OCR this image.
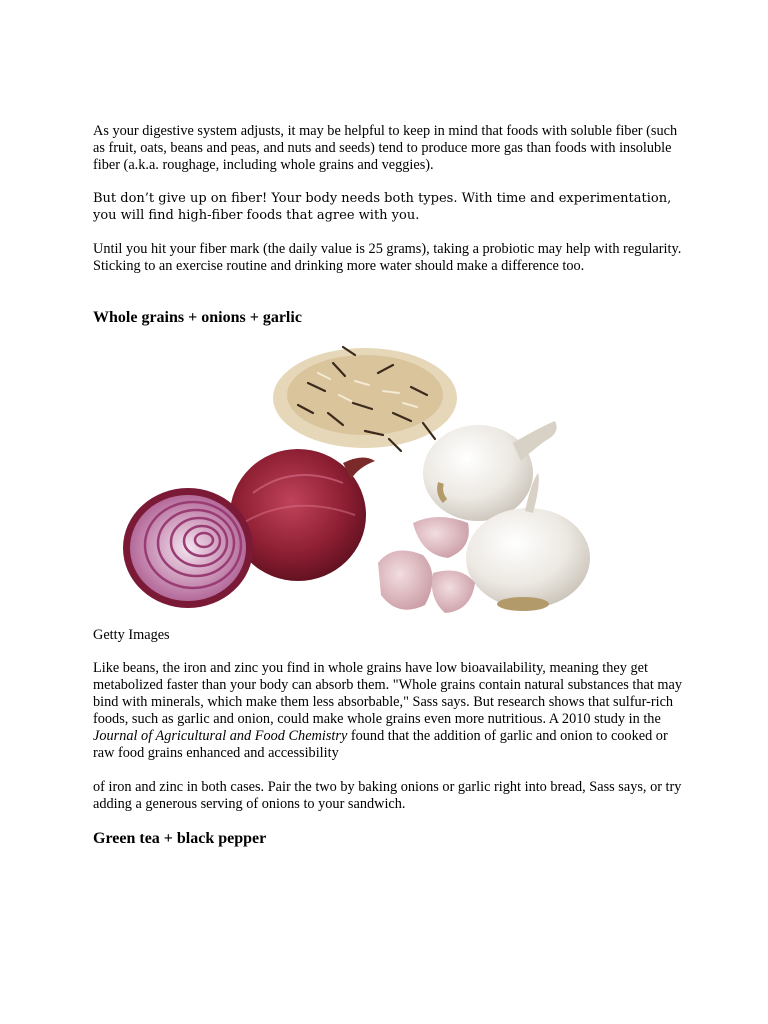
As your digestive system adjusts, it may be helpful to keep in mind that foods with soluble fiber (such as fruit, oats, beans and peas, and nuts and seeds) tend to produce more gas than foods with insoluble fiber (a.k.a. roughage, including whole grains and veggies).

But don’t give up on fiber! Your body needs both types. With time and experimentation, you will find high-fiber foods that agree with you.

Until you hit your fiber mark (the daily value is 25 grams), taking a probiotic may help with regularity. Sticking to an exercise routine and drinking more water should make a difference too.

Whole grains + onions + garlic

Getty Images

Like beans, the iron and zinc you find in whole grains have low bioavailability, meaning they get metabolized faster than your body can absorb them. "Whole grains contain natural substances that may bind with minerals, which make them less absorbable," Sass says. But research shows that sulfur-rich foods, such as garlic and onion, could make whole grains even more nutritious. A 2010 study in the Journal of Agricultural and Food Chemistry found that the addition of garlic and onion to cooked or raw food grains enhanced and accessibility

of iron and zinc in both cases. Pair the two by baking onions or garlic right into bread, Sass says, or try adding a generous serving of onions to your sandwich.

Green tea + black pepper
